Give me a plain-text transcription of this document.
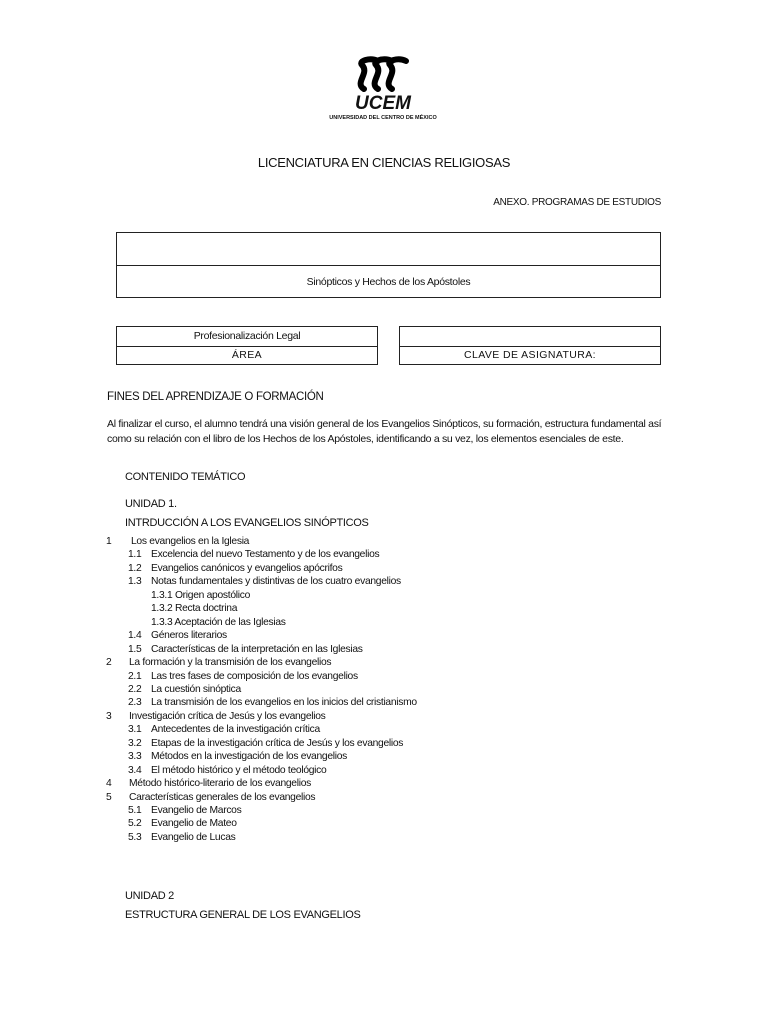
UCEM
UNIVERSIDAD DEL CENTRO DE MÉXICO
LICENCIATURA EN CIENCIAS RELIGIOSAS
ANEXO. PROGRAMAS DE ESTUDIOS
Sinópticos y Hechos de los Apóstoles
Profesionalización Legal
ÁREA	CLAVE DE ASIGNATURA:
FINES DEL APRENDIZAJE O FORMACIÓN
Al finalizar el curso, el alumno tendrá una visión general de los Evangelios Sinópticos, su formación, estructura fundamental así como su relación con el libro de los Hechos de los Apóstoles, identificando a su vez, los elementos esenciales de este.
CONTENIDO TEMÁTICO
UNIDAD 1.
INTRDUCCIÓN A LOS EVANGELIOS SINÓPTICOS
1 Los evangelios en la Iglesia
1.1 Excelencia del nuevo Testamento y de los evangelios
1.2 Evangelios canónicos y evangelios apócrifos
1.3 Notas fundamentales y distintivas de los cuatro evangelios
1.3.1 Origen apostólico
1.3.2 Recta doctrina
1.3.3 Aceptación de las Iglesias
1.4 Géneros literarios
1.5 Características de la interpretación en las Iglesias
2 La formación y la transmisión de los evangelios
2.1 Las tres fases de composición de los evangelios
2.2 La cuestión sinóptica
2.3 La transmisión de los evangelios en los inicios del cristianismo
3 Investigación crítica de Jesús y los evangelios
3.1 Antecedentes de la investigación crítica
3.2 Etapas de la investigación crítica de Jesús y los evangelios
3.3 Métodos en la investigación de los evangelios
3.4 El método histórico y el método teológico
4 Método histórico-literario de los evangelios
5 Características generales de los evangelios
5.1 Evangelio de Marcos
5.2 Evangelio de Mateo
5.3 Evangelio de Lucas
UNIDAD 2
ESTRUCTURA GENERAL DE LOS EVANGELIOS
